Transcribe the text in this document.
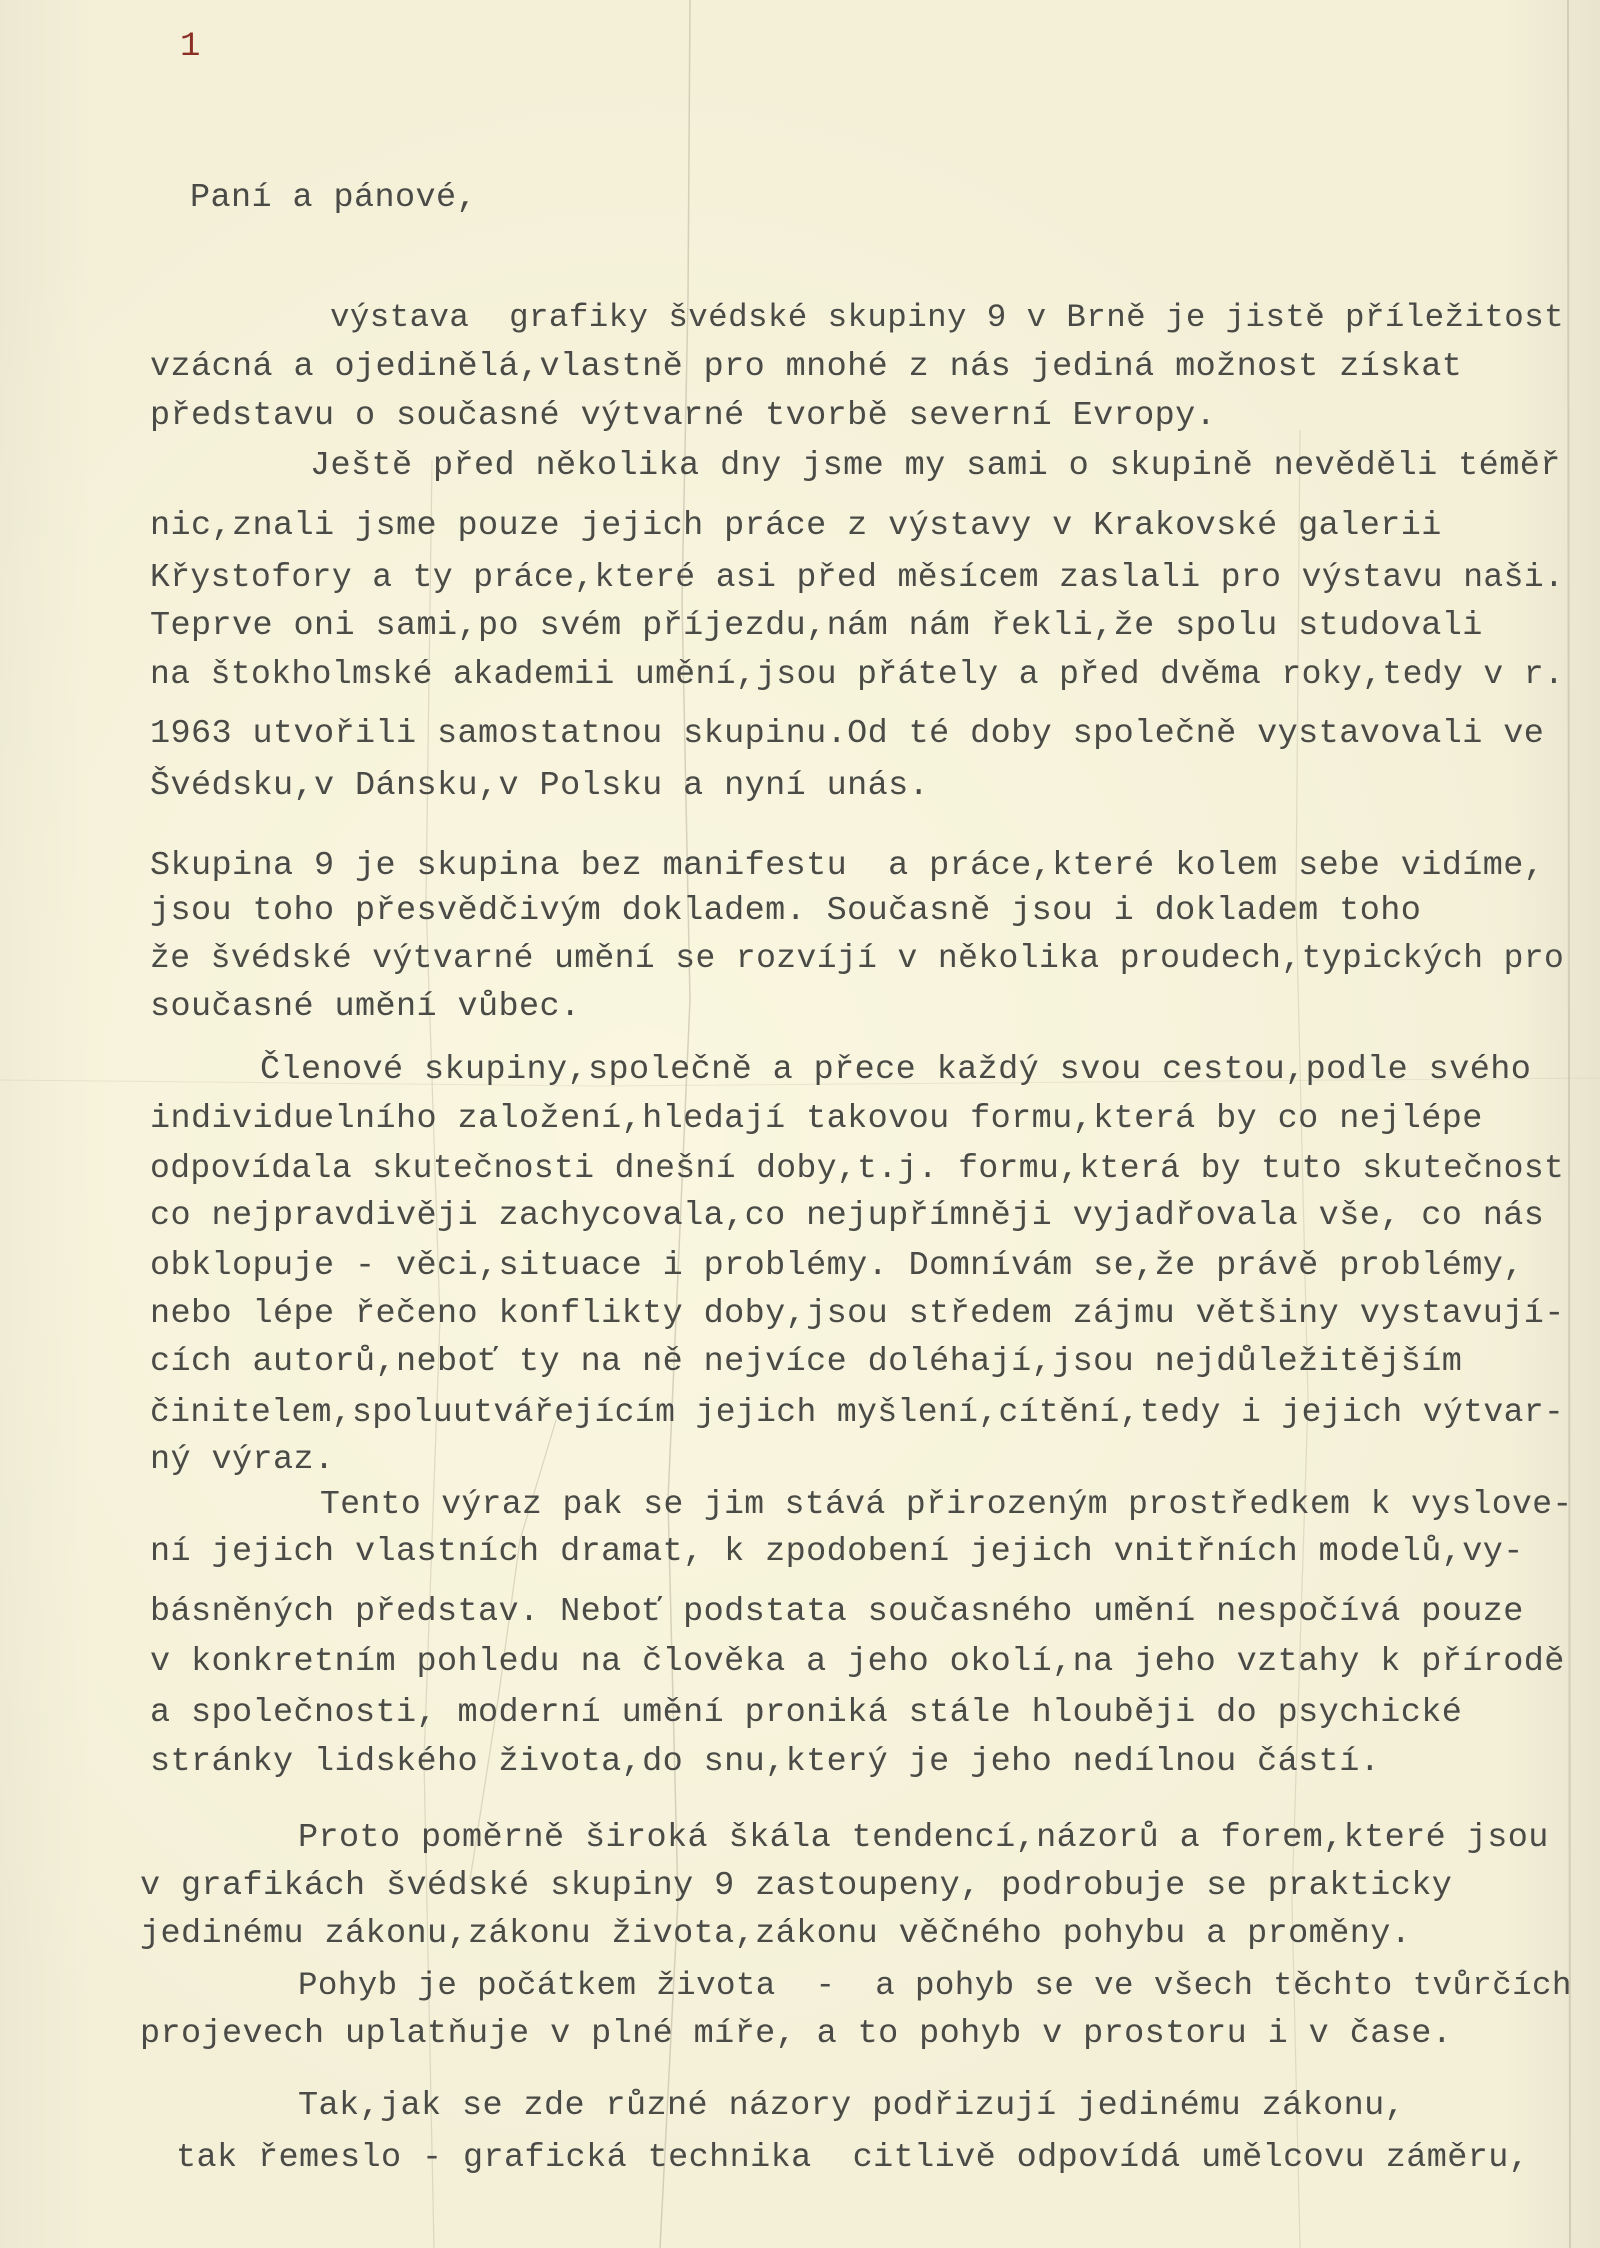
1
Paní a pánové,
výstava  grafiky švédské skupiny 9 v Brně je jistě příležitost
vzácná a ojedinělá,vlastně pro mnohé z nás jediná možnost získat
představu o současné výtvarné tvorbě severní Evropy.
Ještě před několika dny jsme my sami o skupině nevěděli téměř
nic,znali jsme pouze jejich práce z výstavy v Krakovské galerii
Křystofory a ty práce,které asi před měsícem zaslali pro výstavu naši.
Teprve oni sami,po svém příjezdu,nám nám řekli,že spolu studovali
na štokholmské akademii umění,jsou přátely a před dvěma roky,tedy v r.
1963 utvořili samostatnou skupinu.Od té doby společně vystavovali ve
Švédsku,v Dánsku,v Polsku a nyní unás.
Skupina 9 je skupina bez manifestu  a práce,které kolem sebe vidíme,
jsou toho přesvědčivým dokladem. Současně jsou i dokladem toho
že švédské výtvarné umění se rozvíjí v několika proudech,typických pro
současné umění vůbec.
Členové skupiny,společně a přece každý svou cestou,podle svého
individuelního založení,hledají takovou formu,která by co nejlépe
odpovídala skutečnosti dnešní doby,t.j. formu,která by tuto skutečnost
co nejpravdivěji zachycovala,co nejupřímněji vyjadřovala vše, co nás
obklopuje - věci,situace i problémy. Domnívám se,že právě problémy,
nebo lépe řečeno konflikty doby,jsou středem zájmu většiny vystavují-
cích autorů,neboť ty na ně nejvíce doléhají,jsou nejdůležitějším
činitelem,spoluutvářejícím jejich myšlení,cítění,tedy i jejich výtvar-
ný výraz.
Tento výraz pak se jim stává přirozeným prostředkem k vyslove-
ní jejich vlastních dramat, k zpodobení jejich vnitřních modelů,vy-
básněných představ. Neboť podstata současného umění nespočívá pouze
v konkretním pohledu na člověka a jeho okolí,na jeho vztahy k přírodě
a společnosti, moderní umění proniká stále hlouběji do psychické
stránky lidského života,do snu,který je jeho nedílnou částí.
Proto poměrně široká škála tendencí,názorů a forem,které jsou
v grafikách švédské skupiny 9 zastoupeny, podrobuje se prakticky
jedinému zákonu,zákonu života,zákonu věčného pohybu a proměny.
Pohyb je počátkem života  -  a pohyb se ve všech těchto tvůrčích
projevech uplatňuje v plné míře, a to pohyb v prostoru i v čase.
Tak,jak se zde různé názory podřizují jedinému zákonu,
tak řemeslo - grafická technika  citlivě odpovídá umělcovu záměru,
